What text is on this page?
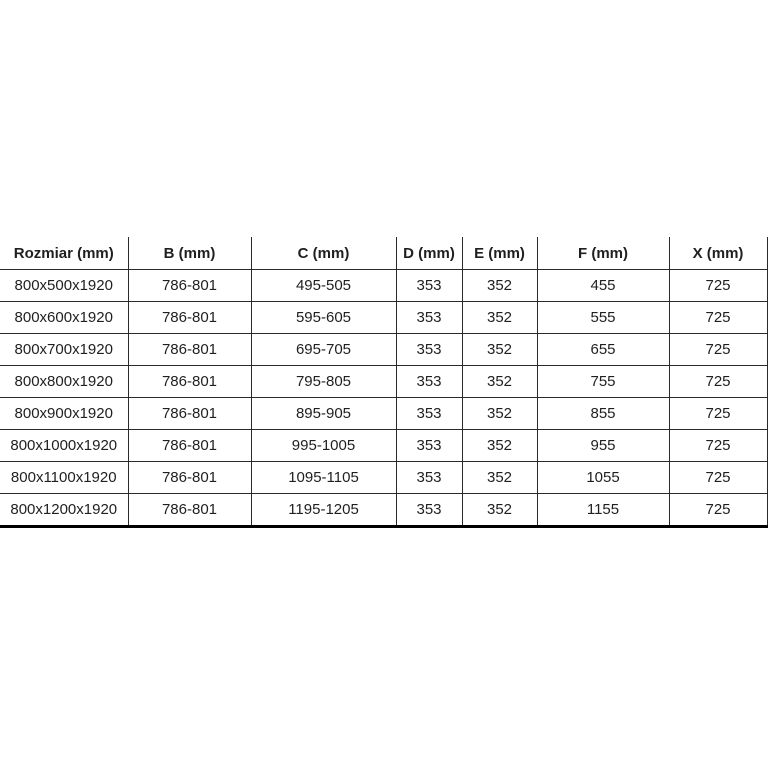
Rozmiar (mm)	B (mm)	C (mm)	D (mm)	E (mm)	F (mm)	X (mm)
800x500x1920	786-801	495-505	353	352	455	725
800x600x1920	786-801	595-605	353	352	555	725
800x700x1920	786-801	695-705	353	352	655	725
800x800x1920	786-801	795-805	353	352	755	725
800x900x1920	786-801	895-905	353	352	855	725
800x1000x1920	786-801	995-1005	353	352	955	725
800x1100x1920	786-801	1095-1105	353	352	1055	725
800x1200x1920	786-801	1195-1205	353	352	1155	725
